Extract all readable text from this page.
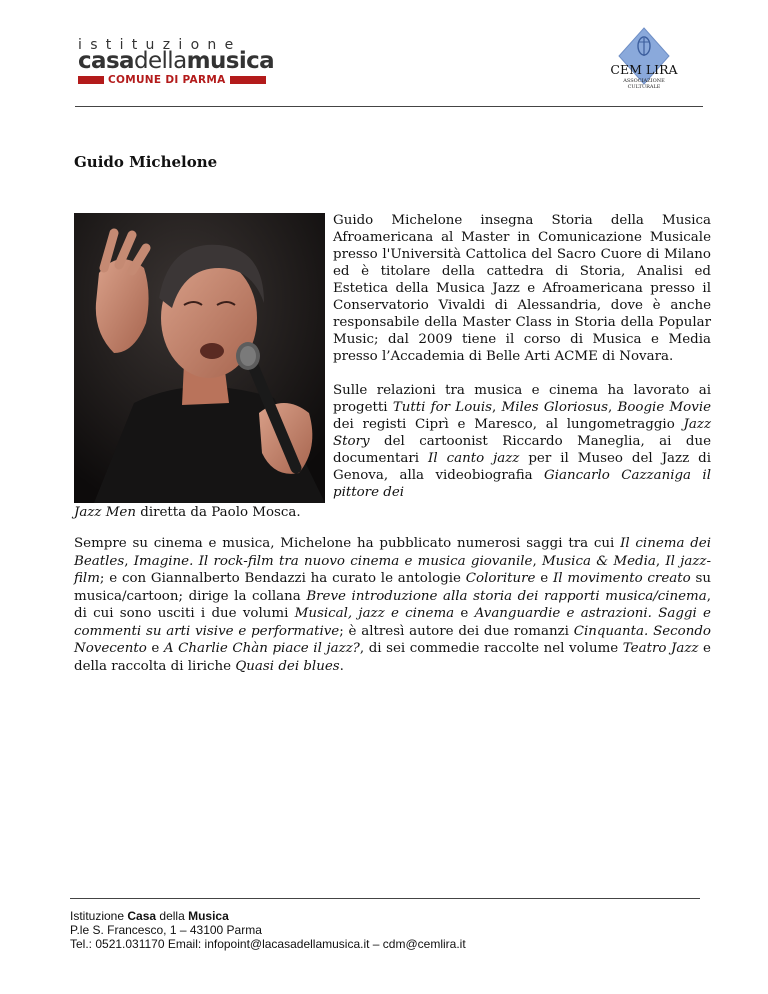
istituzione
casadellamusica
COMUNE DI PARMA
CEM LIRA
ASSOCIAZIONE
CULTURALE
Guido Michelone
Guido Michelone insegna Storia della Musica Afroamericana al Master in Comunicazione Musicale presso l'Università Cattolica del Sacro Cuore di Milano ed è titolare della cattedra di Storia, Analisi ed Estetica della Musica Jazz e Afroamericana presso il Conservatorio Vivaldi di Alessandria, dove è anche responsabile della Master Class in Storia della Popular Music; dal 2009 tiene il corso di Musica e Media presso l’Accademia di Belle Arti ACME di Novara.
Sulle relazioni tra musica e cinema ha lavorato ai progetti Tutti for Louis, Miles Gloriosus, Boogie Movie dei registi Ciprì e Maresco, al lungometraggio Jazz Story del cartoonist Riccardo Maneglia, ai due documentari Il canto jazz per il Museo del Jazz di Genova, alla videobiografia Giancarlo Cazzaniga il pittore dei
Jazz Men diretta da Paolo Mosca.
Sempre su cinema e musica, Michelone ha pubblicato numerosi saggi tra cui Il cinema dei Beatles, Imagine. Il rock-film tra nuovo cinema e musica giovanile, Musica & Media, Il jazz-film; e con Giannalberto Bendazzi ha curato le antologie Coloriture e Il movimento creato su musica/cartoon; dirige la collana Breve introduzione alla storia dei rapporti musica/cinema, di cui sono usciti i due volumi Musical, jazz e cinema e Avanguardie e astrazioni. Saggi e commenti su arti visive e performative; è altresì autore dei due romanzi Cinquanta. Secondo Novecento e A Charlie Chàn piace il jazz?, di sei commedie raccolte nel volume Teatro Jazz e della raccolta di liriche Quasi dei blues.
Istituzione Casa della Musica
P.le S. Francesco, 1 – 43100 Parma
Tel.: 0521.031170 Email: infopoint@lacasadellamusica.it – cdm@cemlira.it
